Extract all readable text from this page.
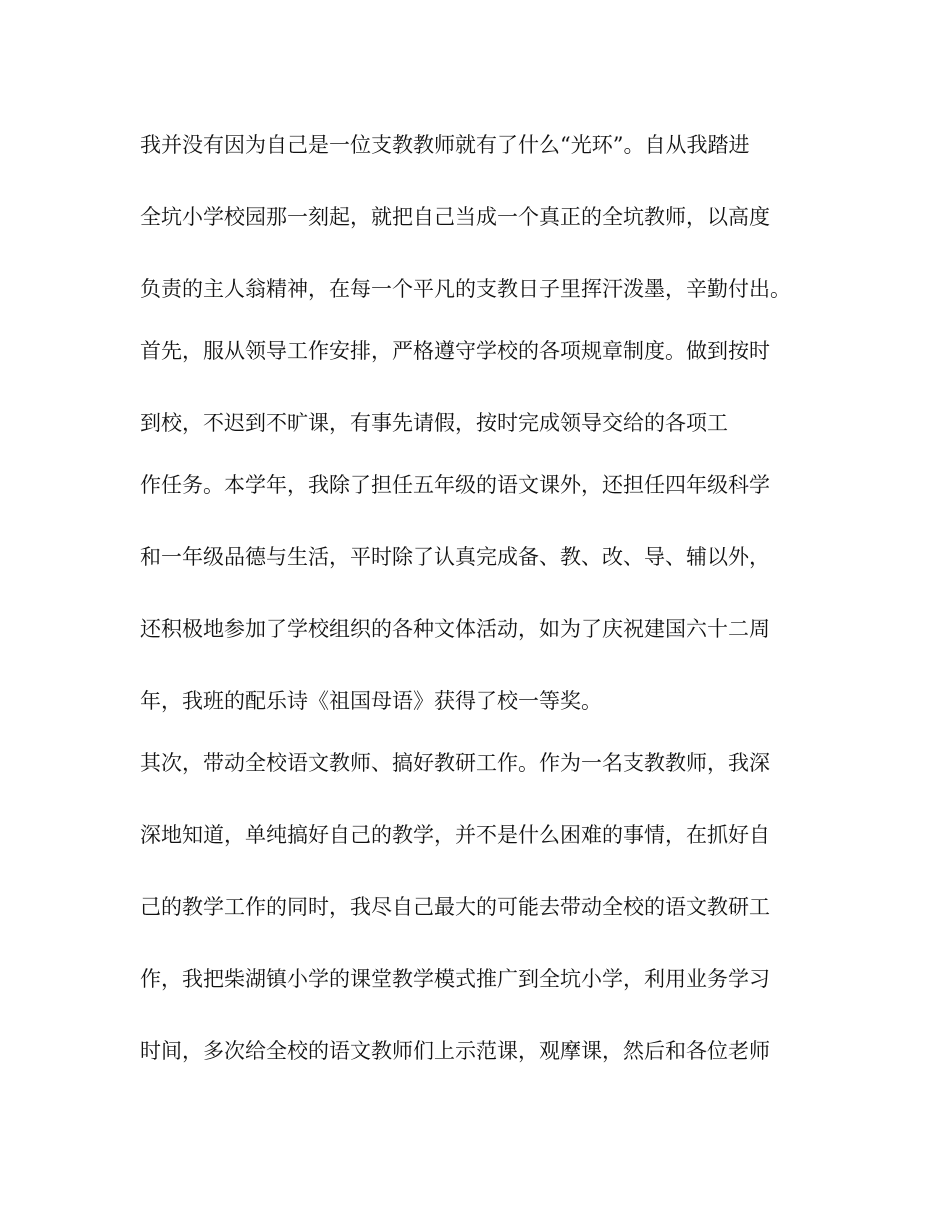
我并没有因为自己是一位支教教师就有了什么“光环”。自从我踏进

全坑小学校园那一刻起，就把自己当成一个真正的全坑教师，以高度

负责的主人翁精神，在每一个平凡的支教日子里挥汗泼墨，辛勤付出。

首先，服从领导工作安排，严格遵守学校的各项规章制度。做到按时

到校，不迟到不旷课，有事先请假，按时完成领导交给的各项工

作任务。本学年，我除了担任五年级的语文课外，还担任四年级科学

和一年级品德与生活，平时除了认真完成备、教、改、导、辅以外，

还积极地参加了学校组织的各种文体活动，如为了庆祝建国六十二周

年，我班的配乐诗《祖国母语》获得了校一等奖。

其次，带动全校语文教师、搞好教研工作。作为一名支教教师，我深

深地知道，单纯搞好自己的教学，并不是什么困难的事情，在抓好自

己的教学工作的同时，我尽自己最大的可能去带动全校的语文教研工

作，我把柴湖镇小学的课堂教学模式推广到全坑小学，利用业务学习

时间，多次给全校的语文教师们上示范课，观摩课，然后和各位老师
